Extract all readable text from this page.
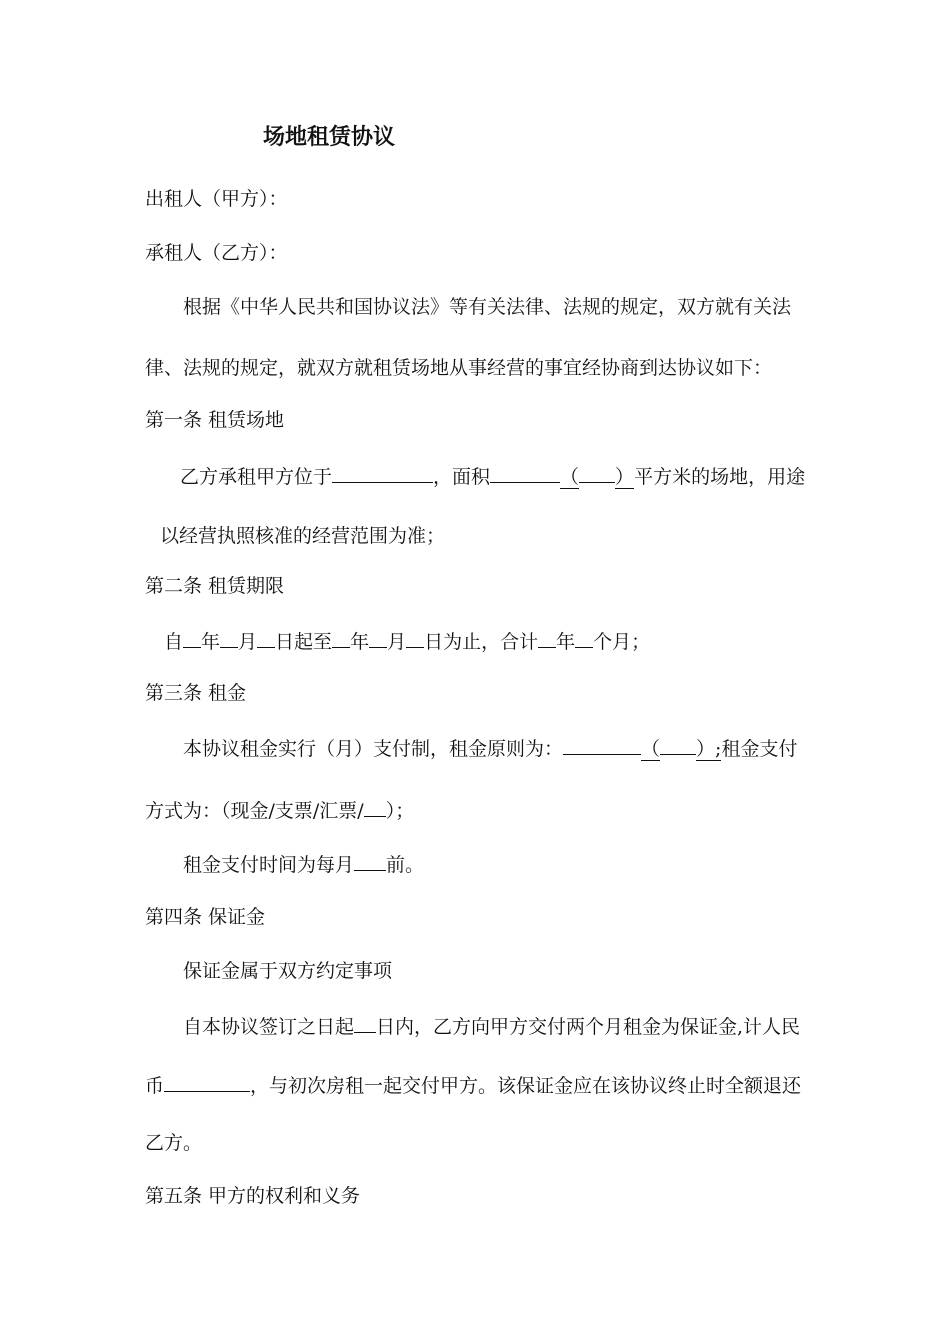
场地租赁协议
出租人（甲方）：
承租人（乙方）：
根据《中华人民共和国协议法》等有关法律、法规的规定，双方就有关法
律、法规的规定，就双方就租赁场地从事经营的事宜经协商到达协议如下：
第一条 租赁场地
乙方承租甲方位于	，面积	（ ）平方米的场地，用途
以经营执照核准的经营范围为准；
第二条 租赁期限
自 年 月 日起至 年 月 日为止，合计 年 个月；
第三条 租金
本协议租金实行（月）支付制，租金原则为：	（ ）;租金支付
方式为：（现金/支票/汇票/ ）；
租金支付时间为每月 前。
第四条 保证金
保证金属于双方约定事项
自本协议签订之日起 日内，乙方向甲方交付两个月租金为保证金,计人民
币	，与初次房租一起交付甲方。该保证金应在该协议终止时全额退还
乙方。
第五条 甲方的权利和义务
